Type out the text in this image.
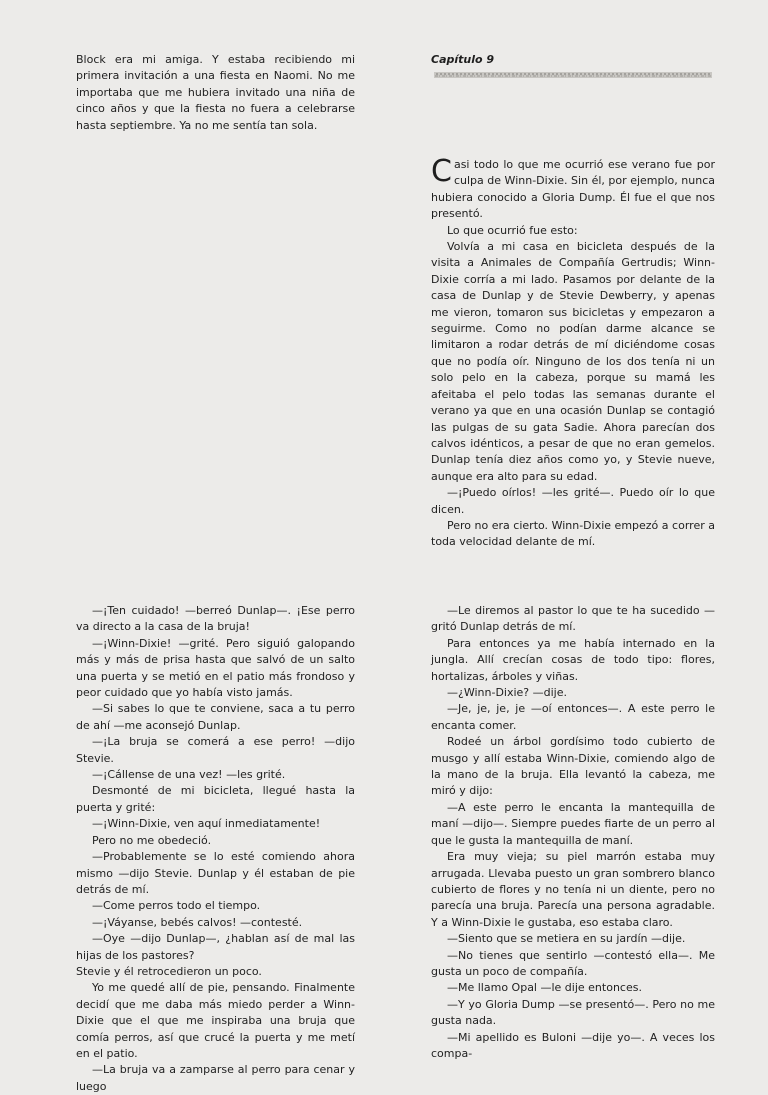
Block era mi amiga. Y estaba recibiendo mi primera invitación a una fiesta en Naomi. No me importaba que me hubiera invitado una niña de cinco años y que la fiesta no fuera a celebrarse hasta septiembre. Ya no me sentía tan sola.

Capítulo 9

Casi todo lo que me ocurrió ese verano fue por culpa de Winn-Dixie. Sin él, por ejemplo, nunca hubiera conocido a Gloria Dump. Él fue el que nos presentó.

Lo que ocurrió fue esto:

Volvía a mi casa en bicicleta después de la visita a Animales de Compañía Gertrudis; Winn-Dixie corría a mi lado. Pasamos por delante de la casa de Dunlap y de Stevie Dewberry, y apenas me vieron, tomaron sus bicicletas y empezaron a seguirme. Como no podían darme alcance se limitaron a rodar detrás de mí diciéndome cosas que no podía oír. Ninguno de los dos tenía ni un solo pelo en la cabeza, porque su mamá les afeitaba el pelo todas las semanas durante el verano ya que en una ocasión Dunlap se contagió las pulgas de su gata Sadie. Ahora parecían dos calvos idénticos, a pesar de que no eran gemelos. Dunlap tenía diez años como yo, y Stevie nueve, aunque era alto para su edad.

—¡Puedo oírlos! —les grité—. Puedo oír lo que dicen.

Pero no era cierto. Winn-Dixie empezó a correr a toda velocidad delante de mí.

—¡Ten cuidado! —berreó Dunlap—. ¡Ese perro va directo a la casa de la bruja!

—¡Winn-Dixie! —grité. Pero siguió galopando más y más de prisa hasta que salvó de un salto una puerta y se metió en el patio más frondoso y peor cuidado que yo había visto jamás.

—Si sabes lo que te conviene, saca a tu perro de ahí —me aconsejó Dunlap.

—¡La bruja se comerá a ese perro! —dijo Stevie.

—¡Cállense de una vez! —les grité.

Desmonté de mi bicicleta, llegué hasta la puerta y grité:

—¡Winn-Dixie, ven aquí inmediatamente!

Pero no me obedeció.

—Probablemente se lo esté comiendo ahora mismo —dijo Stevie. Dunlap y él estaban de pie detrás de mí.

—Come perros todo el tiempo.

—¡Váyanse, bebés calvos! —contesté.

—Oye —dijo Dunlap—, ¿hablan así de mal las hijas de los pastores?

Stevie y él retrocedieron un poco.

Yo me quedé allí de pie, pensando. Finalmente decidí que me daba más miedo perder a Winn-Dixie que el que me inspiraba una bruja que comía perros, así que crucé la puerta y me metí en el patio.

—La bruja va a zamparse al perro para cenar y luego

—Le diremos al pastor lo que te ha sucedido —gritó Dunlap detrás de mí.

Para entonces ya me había internado en la jungla. Allí crecían cosas de todo tipo: flores, hortalizas, árboles y viñas.

—¿Winn-Dixie? —dije.

—Je, je, je, je —oí entonces—. A este perro le encanta comer.

Rodeé un árbol gordísimo todo cubierto de musgo y allí estaba Winn-Dixie, comiendo algo de la mano de la bruja. Ella levantó la cabeza, me miró y dijo:

—A este perro le encanta la mantequilla de maní —dijo—. Siempre puedes fiarte de un perro al que le gusta la mantequilla de maní.

Era muy vieja; su piel marrón estaba muy arrugada. Llevaba puesto un gran sombrero blanco cubierto de flores y no tenía ni un diente, pero no parecía una bruja. Parecía una persona agradable. Y a Winn-Dixie le gustaba, eso estaba claro.

—Siento que se metiera en su jardín —dije.

—No tienes que sentirlo —contestó ella—. Me gusta un poco de compañía.

—Me llamo Opal —le dije entonces.

—Y yo Gloria Dump —se presentó—. Pero no me gusta nada.

—Mi apellido es Buloni —dije yo—. A veces los compa-
